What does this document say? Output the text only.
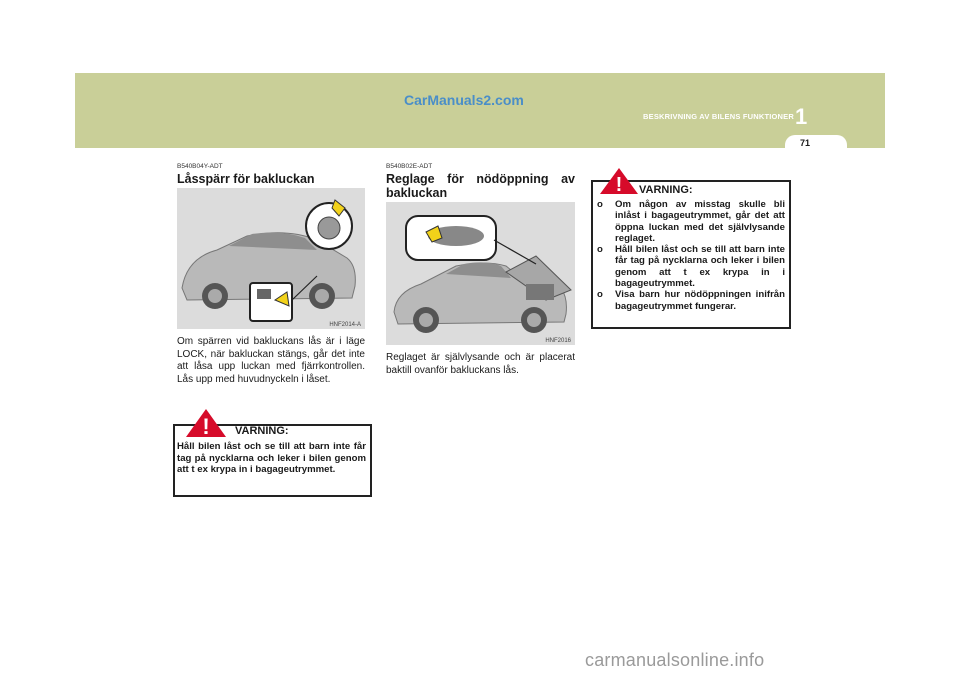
CarManuals2.com
BESKRIVNING AV BILENS FUNKTIONER 1
71
B540B04Y-ADT
Låsspärr för bakluckan
HNF2014-A
Om spärren vid bakluckans lås är i läge LOCK, när bakluckan stängs, går det inte att låsa upp luckan med fjärrkontrollen. Lås upp med huvudnyckeln i låset.
! VARNING:
Håll bilen låst och se till att barn inte får tag på nycklarna och leker i bilen genom att t ex krypa in i bagageutrymmet.
B540B02E-ADT
Reglage för nödöppning av bakluckan
HNF2016
Reglaget är självlysande och är placerat baktill ovanför bakluckans lås.
! VARNING:
o Om någon av misstag skulle bli inlåst i bagageutrymmet, går det att öppna luckan med det självlysande reglaget.
o Håll bilen låst och se till att barn inte får tag på nycklarna och leker i bilen genom att t ex krypa in i bagageutrymmet.
o Visa barn hur nödöppningen inifrån bagageutrymmet fungerar.
carmanualsonline.info
